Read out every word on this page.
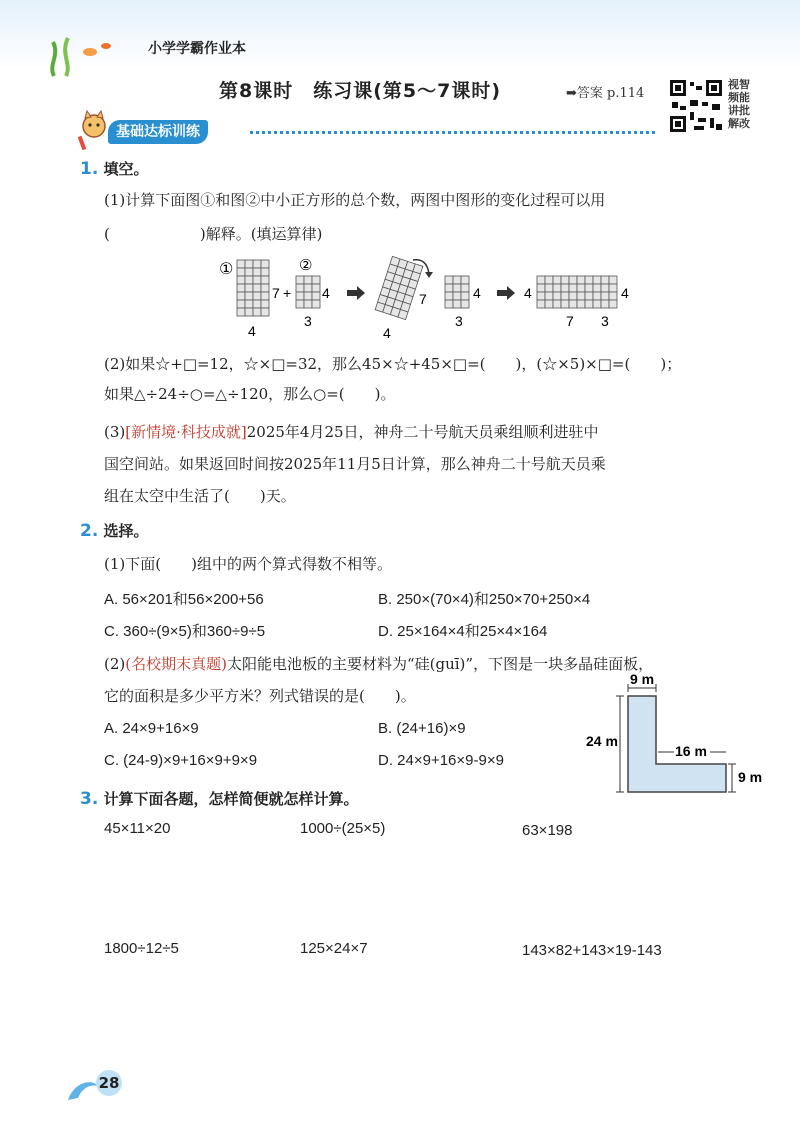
小学学霸作业本
第8课时　练习课(第5～7课时)	➡答案 p.114
视智
频能
讲批
解改
基础达标训练
1. 填空。
(1)计算下面图①和图②中小正方形的总个数，两图中图形的变化过程可以用
(　　　　　　)解释。(填运算律)
①	②
7 +
4
4
3
7
4
4
3
4	4
7 3
(2)如果☆+□=12，☆×□=32，那么45×☆+45×□=(　　)，(☆×5)×□=(　　)；
如果△÷24÷○=△÷120，那么○=(　　)。
(3)[新情境·科技成就]2025年4月25日，神舟二十号航天员乘组顺利进驻中
国空间站。如果返回时间按2025年11月5日计算，那么神舟二十号航天员乘
组在太空中生活了(　　)天。
2. 选择。
(1)下面(　　)组中的两个算式得数不相等。
A. 56×201和56×200+56	B. 250×(70×4)和250×70+250×4
C. 360÷(9×5)和360÷9÷5	D. 25×164×4和25×4×164
(2)(名校期末真题)太阳能电池板的主要材料为“硅(guī)”，下图是一块多晶硅面板，
它的面积是多少平方米？列式错误的是(　　)。
A. 24×9+16×9	B. (24+16)×9
C. (24-9)×9+16×9+9×9	D. 24×9+16×9-9×9
9 m
24 m
16 m
9 m
3. 计算下面各题，怎样简便就怎样计算。
45×11×20	1000÷(25×5)	63×198
1800÷12÷5	125×24×7	143×82+143×19-143
28
